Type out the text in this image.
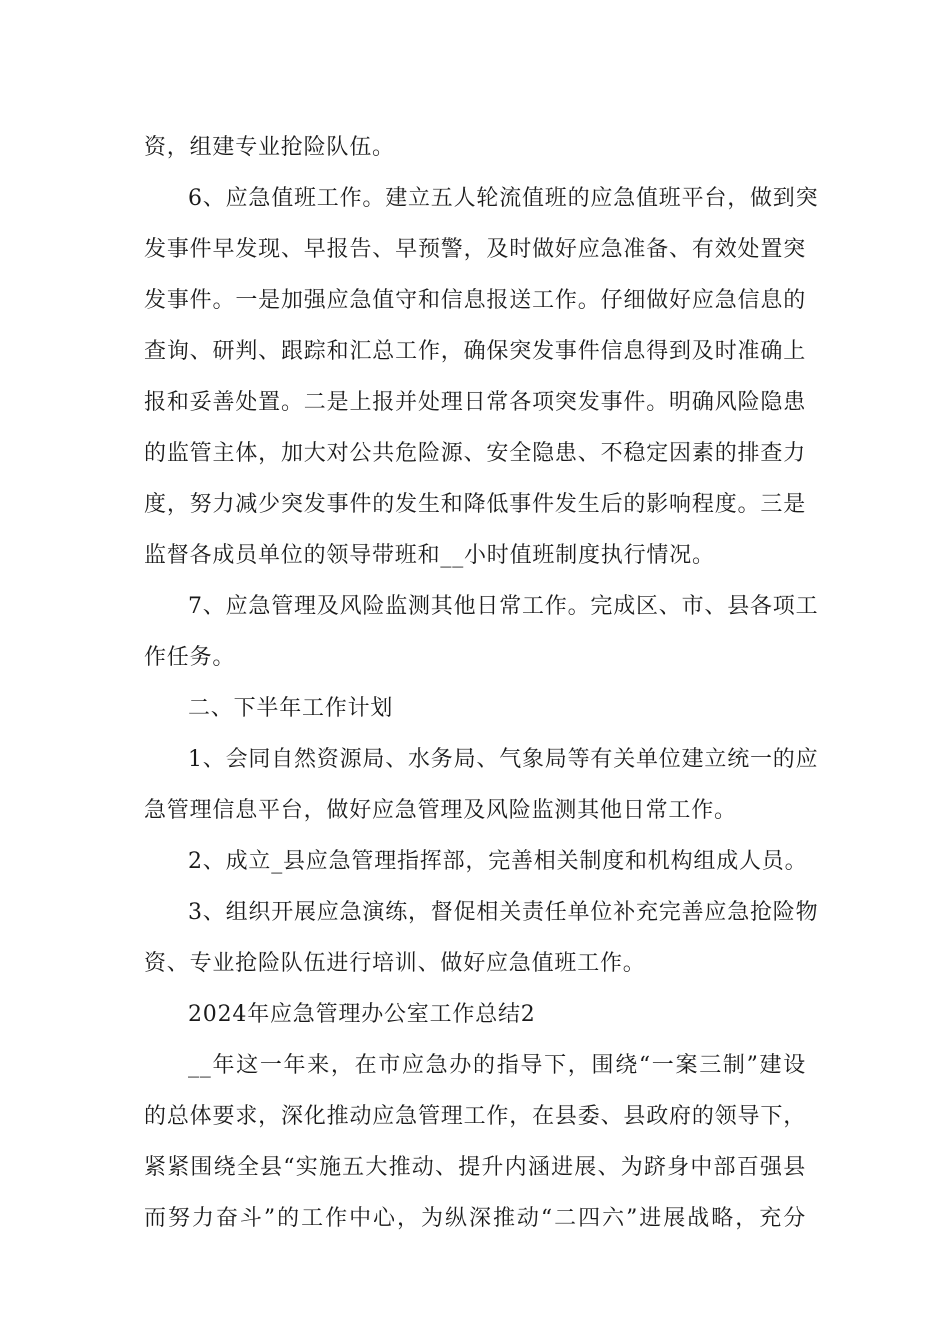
资，组建专业抢险队伍。
6、应急值班工作。建立五人轮流值班的应急值班平台，做到突
发事件早发现、早报告、早预警，及时做好应急准备、有效处置突
发事件。一是加强应急值守和信息报送工作。仔细做好应急信息的
查询、研判、跟踪和汇总工作，确保突发事件信息得到及时准确上
报和妥善处置。二是上报并处理日常各项突发事件。明确风险隐患
的监管主体，加大对公共危险源、安全隐患、不稳定因素的排查力
度，努力减少突发事件的发生和降低事件发生后的影响程度。三是
监督各成员单位的领导带班和__小时值班制度执行情况。
7、应急管理及风险监测其他日常工作。完成区、市、县各项工
作任务。
二、下半年工作计划
1、会同自然资源局、水务局、气象局等有关单位建立统一的应
急管理信息平台，做好应急管理及风险监测其他日常工作。
2、成立_县应急管理指挥部，完善相关制度和机构组成人员。
3、组织开展应急演练，督促相关责任单位补充完善应急抢险物
资、专业抢险队伍进行培训、做好应急值班工作。
2024年应急管理办公室工作总结2
__年这一年来，在市应急办的指导下，围绕“一案三制”建设
的总体要求，深化推动应急管理工作，在县委、县政府的领导下，
紧紧围绕全县“实施五大推动、提升内涵进展、为跻身中部百强县
而努力奋斗”的工作中心，为纵深推动“二四六”进展战略，充分
